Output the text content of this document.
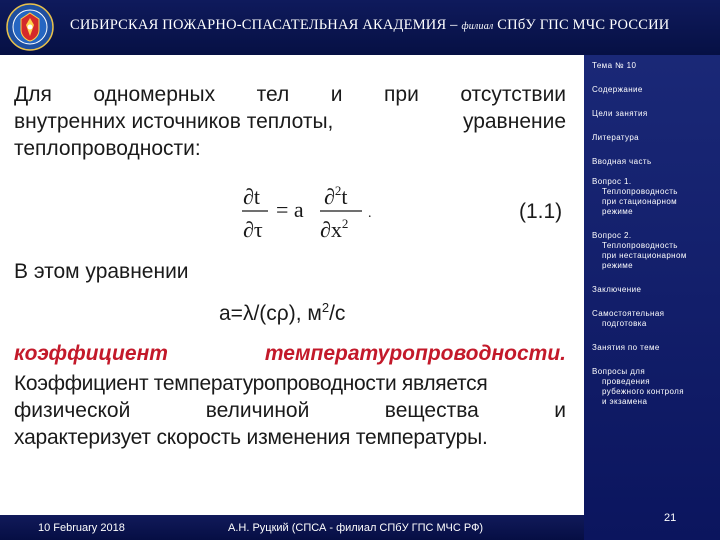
СИБИРСКАЯ ПОЖАРНО-СПАСАТЕЛЬНАЯ АКАДЕМИЯ – филиал СПбУ ГПС МЧС РОССИИ
Для одномерных тел и при отсутствии
внутренних источников теплоты,	уравнение
теплопроводности:
∂t
∂τ
= a
∂$^2$t
$\partial x^2$
.	(1.1)
В этом уравнении
a=λ/(cρ), $м^2/с$
коэффициент	температуропроводности.
Коэффициент температуропроводности является
физической	величиной	вещества	и
характеризует скорость изменения температуры.
Тема № 10
Содержание
Цели занятия
Литература
Вводная часть
Вопрос 1.
Теплопроводность
при стационарном
режиме
Вопрос 2.
Теплопроводность
при нестационарном
режиме
Заключение
Самостоятельная
подготовка
Занятия по теме
Вопросы для
проведения
рубежного контроля
и экзамена
10 February 2018	А.Н. Руцкий (СПСА - филиал СПбУ ГПС МЧС РФ)
21
